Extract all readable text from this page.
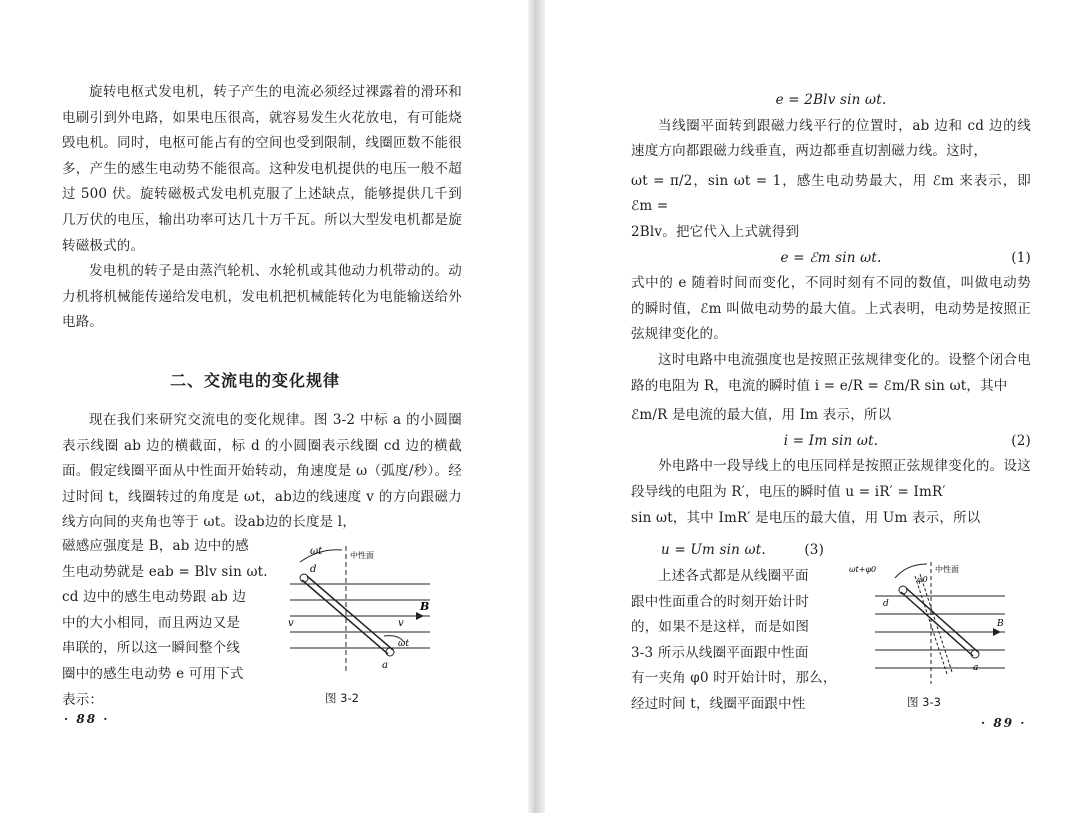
旋转电枢式发电机，转子产生的电流必须经过裸露着的滑环和电刷引到外电路，如果电压很高，就容易发生火花放电，有可能烧毁电机。同时，电枢可能占有的空间也受到限制，线圈匝数不能很多，产生的感生电动势不能很高。这种发电机提供的电压一般不超过 500 伏。旋转磁极式发电机克服了上述缺点，能够提供几千到几万伏的电压，输出功率可达几十万千瓦。所以大型发电机都是旋转磁极式的。

发电机的转子是由蒸汽轮机、水轮机或其他动力机带动的。动力机将机械能传递给发电机，发电机把机械能转化为电能输送给外电路。

二、交流电的变化规律

现在我们来研究交流电的变化规律。图 3-2 中标 a 的小圆圈表示线圈 ab 边的横截面，标 d 的小圆圈表示线圈 cd 边的横截面。假定线圈平面从中性面开始转动，角速度是 ω（弧度/秒）。经过时间 t，线圈转过的角度是 ωt，ab边的线速度 v 的方向跟磁力线方向间的夹角也等于 ωt。设ab边的长度是 l，

磁感应强度是 B，ab 边中的感

生电动势就是 eab = Blv sin ωt.

cd 边中的感生电动势跟 ab 边

中的大小相同，而且两边又是

串联的，所以这一瞬间整个线

圈中的感生电动势 e 可用下式

表示：

ωt	中性面
d
v	v
B
ωt
a
图 3-2
· 88 ·

e = 2Blv sin ωt.

当线圈平面转到跟磁力线平行的位置时，ab 边和 cd 边的线速度方向都跟磁力线垂直，两边都垂直切割磁力线。这时，

ωt = π/2，sin ωt = 1，感生电动势最大，用 ℰm 来表示，即 ℰm =

2Blv。把它代入上式就得到

e = ℰm sin ωt.	(1)

式中的 e 随着时间而变化，不同时刻有不同的数值，叫做电动势的瞬时值，ℰm 叫做电动势的最大值。上式表明，电动势是按照正弦规律变化的。

这时电路中电流强度也是按照正弦规律变化的。设整个闭合电路的电阻为 R，电流的瞬时值 i = e/R = ℰm/R sin ωt，其中

ℰm/R 是电流的最大值，用 Im 表示，所以

i = Im sin ωt.	(2)

外电路中一段导线上的电压同样是按照正弦规律变化的。设这段导线的电阻为 R′，电压的瞬时值 u = iR′ = ImR′

sin ωt，其中 ImR′ 是电压的最大值，用 Um 表示，所以

u = Um sin ωt.	(3)

上述各式都是从线圈平面

跟中性面重合的时刻开始计时

的，如果不是这样，而是如图

3-3 所示从线圈平面跟中性面

有一夹角 φ0 时开始计时，那么，

经过时间 t，线圈平面跟中性

ωt+φ0
φ0
中性面
d
B
a
图 3-3
· 89 ·
